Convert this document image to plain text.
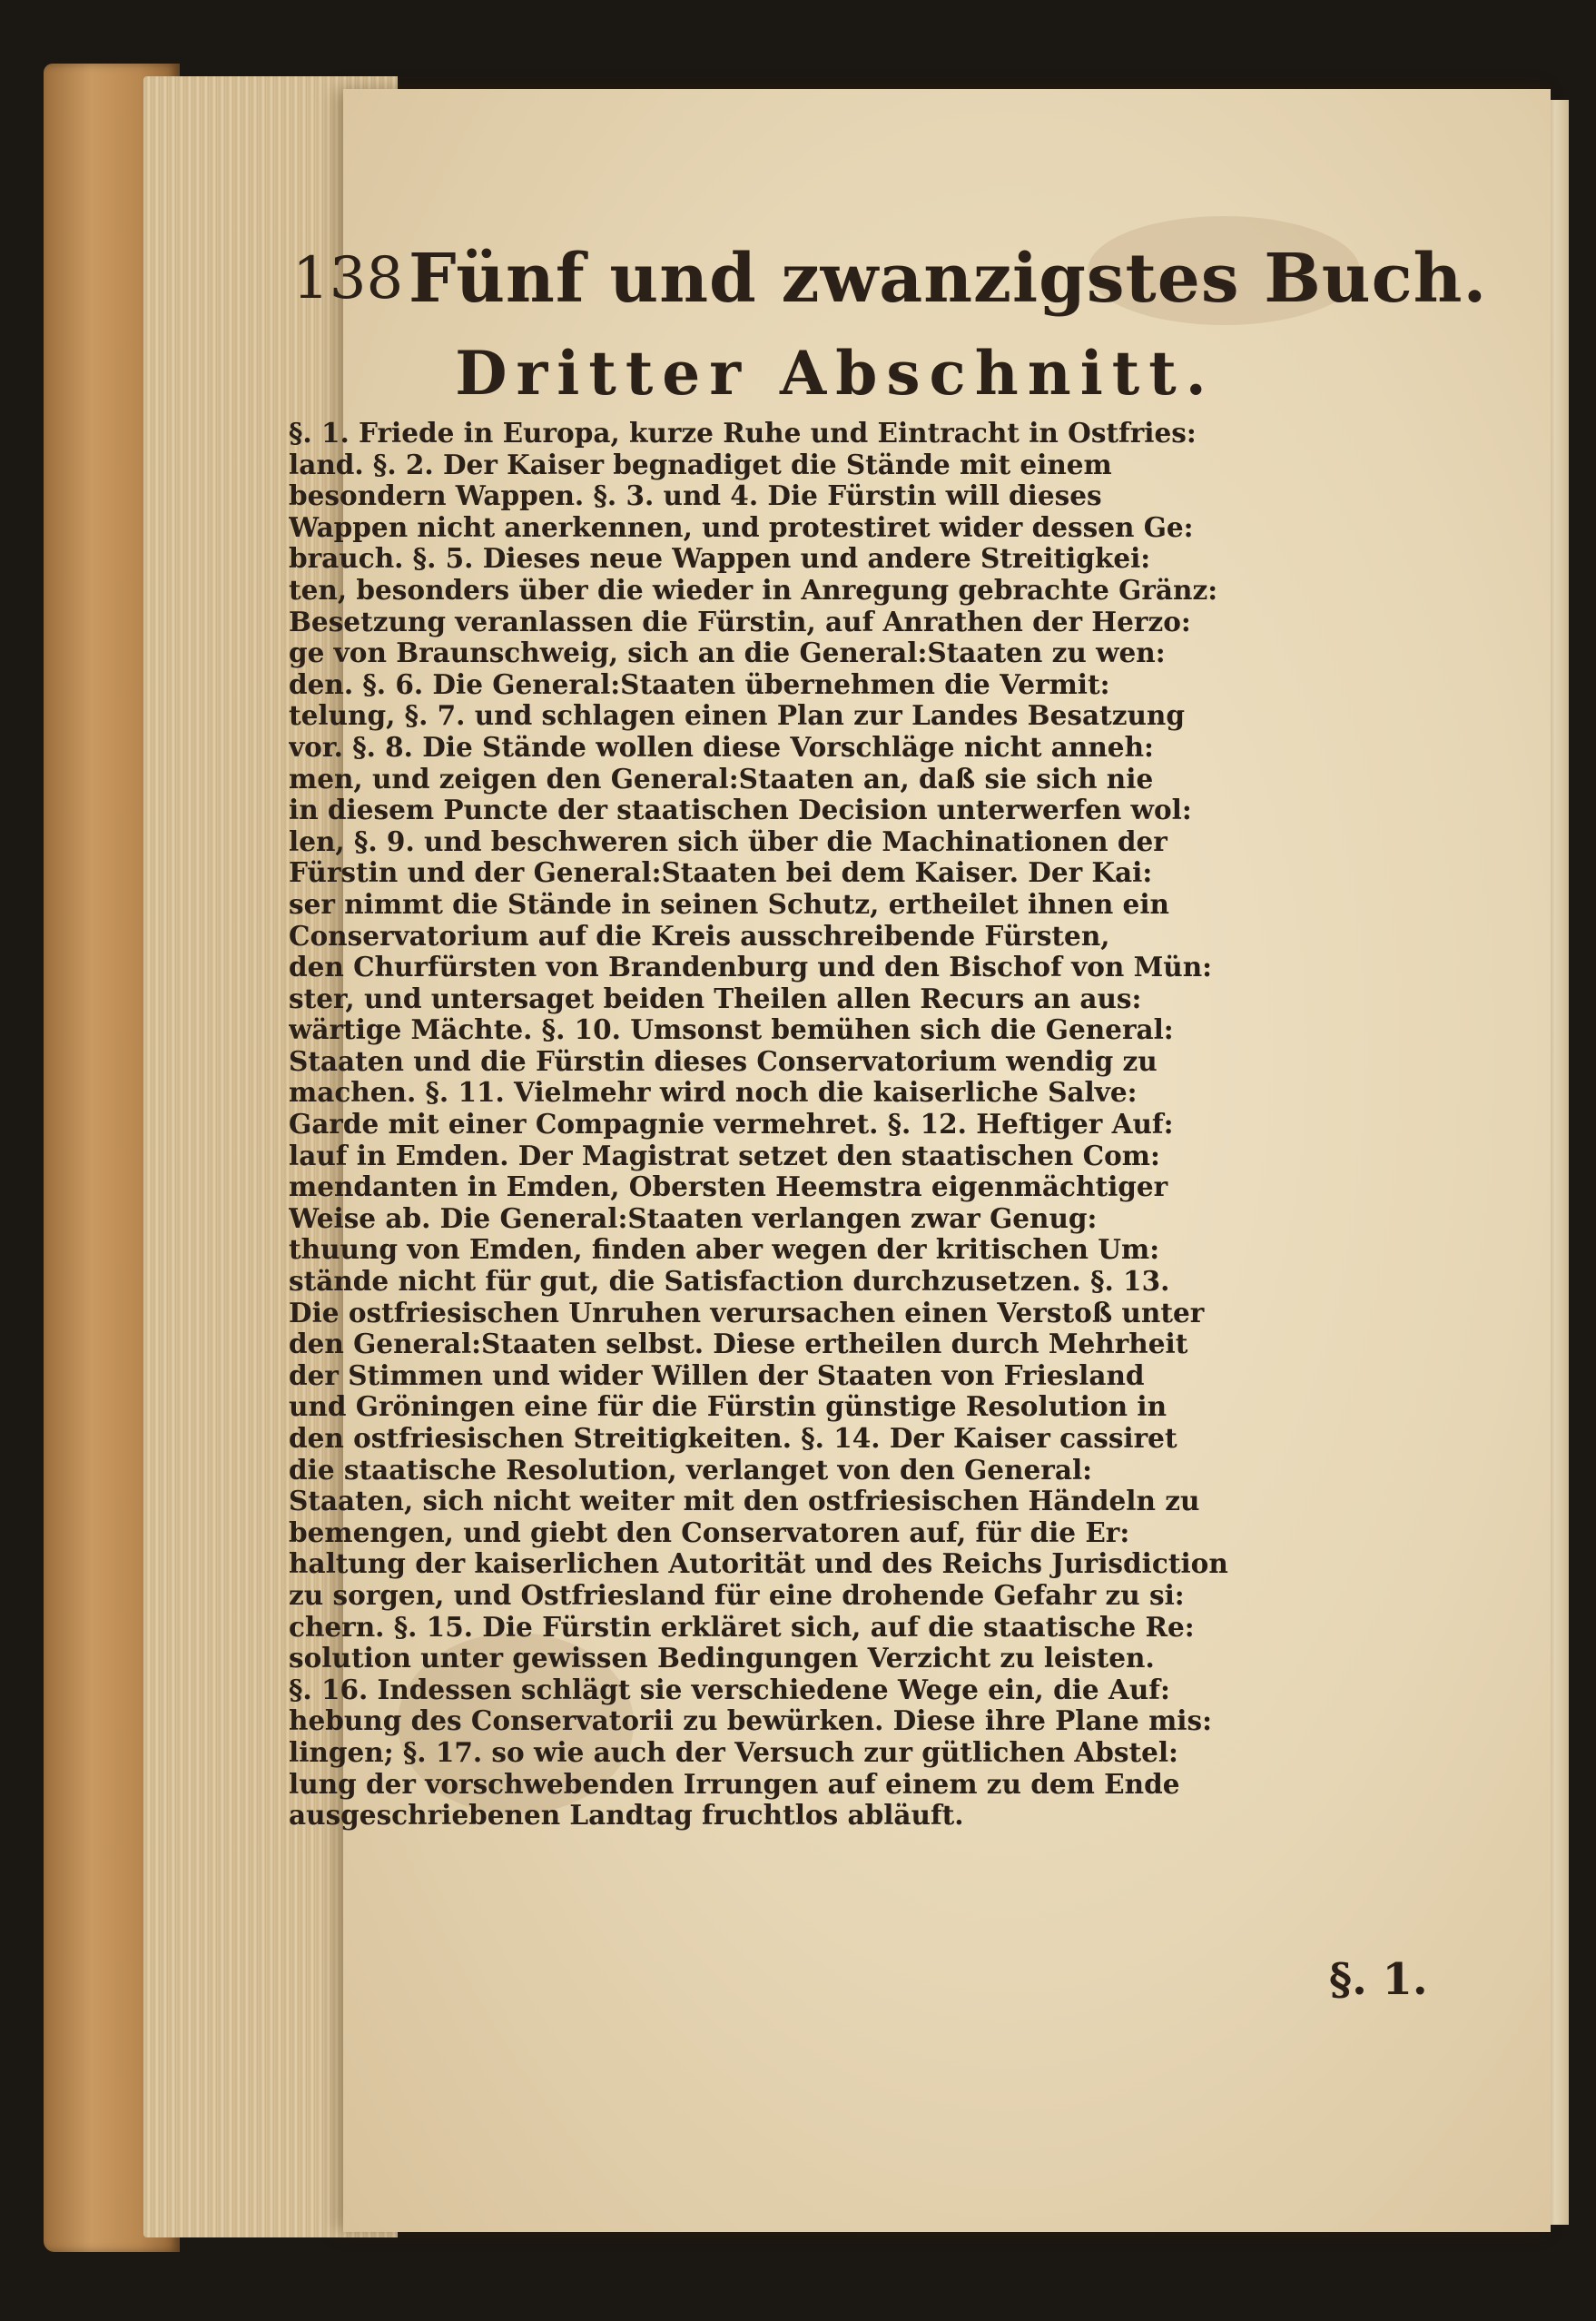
138 Fünf und zwanzigstes Buch.
Dritter Abschnitt.
§. 1. Friede in Europa, kurze Ruhe und Eintracht in Ostfries:
land. §. 2. Der Kaiser begnadiget die Stände mit einem
besondern Wappen. §. 3. und 4. Die Fürstin will dieses
Wappen nicht anerkennen, und protestiret wider dessen Ge:
brauch. §. 5. Dieses neue Wappen und andere Streitigkei:
ten, besonders über die wieder in Anregung gebrachte Gränz:
Besetzung veranlassen die Fürstin, auf Anrathen der Herzo:
ge von Braunschweig, sich an die General:Staaten zu wen:
den. §. 6. Die General:Staaten übernehmen die Vermit:
telung, §. 7. und schlagen einen Plan zur Landes Besatzung
vor. §. 8. Die Stände wollen diese Vorschläge nicht anneh:
men, und zeigen den General:Staaten an, daß sie sich nie
in diesem Puncte der staatischen Decision unterwerfen wol:
len, §. 9. und beschweren sich über die Machinationen der
Fürstin und der General:Staaten bei dem Kaiser. Der Kai:
ser nimmt die Stände in seinen Schutz, ertheilet ihnen ein
Conservatorium auf die Kreis ausschreibende Fürsten,
den Churfürsten von Brandenburg und den Bischof von Mün:
ster, und untersaget beiden Theilen allen Recurs an aus:
wärtige Mächte. §. 10. Umsonst bemühen sich die General:
Staaten und die Fürstin dieses Conservatorium wendig zu
machen. §. 11. Vielmehr wird noch die kaiserliche Salve:
Garde mit einer Compagnie vermehret. §. 12. Heftiger Auf:
lauf in Emden. Der Magistrat setzet den staatischen Com:
mendanten in Emden, Obersten Heemstra eigenmächtiger
Weise ab. Die General:Staaten verlangen zwar Genug:
thuung von Emden, finden aber wegen der kritischen Um:
stände nicht für gut, die Satisfaction durchzusetzen. §. 13.
Die ostfriesischen Unruhen verursachen einen Verstoß unter
den General:Staaten selbst. Diese ertheilen durch Mehrheit
der Stimmen und wider Willen der Staaten von Friesland
und Gröningen eine für die Fürstin günstige Resolution in
den ostfriesischen Streitigkeiten. §. 14. Der Kaiser cassiret
die staatische Resolution, verlanget von den General:
Staaten, sich nicht weiter mit den ostfriesischen Händeln zu
bemengen, und giebt den Conservatoren auf, für die Er:
haltung der kaiserlichen Autorität und des Reichs Jurisdiction
zu sorgen, und Ostfriesland für eine drohende Gefahr zu si:
chern. §. 15. Die Fürstin erkläret sich, auf die staatische Re:
solution unter gewissen Bedingungen Verzicht zu leisten.
§. 16. Indessen schlägt sie verschiedene Wege ein, die Auf:
hebung des Conservatorii zu bewürken. Diese ihre Plane mis:
lingen; §. 17. so wie auch der Versuch zur gütlichen Abstel:
lung der vorschwebenden Irrungen auf einem zu dem Ende
ausgeschriebenen Landtag fruchtlos abläuft.
§. 1.
